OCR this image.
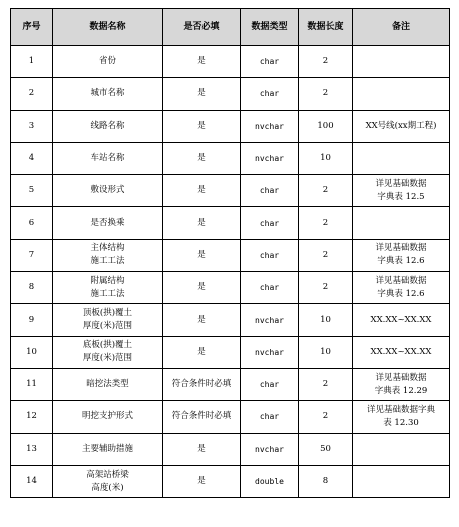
序号	数据名称	是否必填	数据类型	数据长度	备注
1	省份	是	char	2	
2	城市名称	是	char	2	
3	线路名称	是	nvchar	100	XX号线(xx期工程)
4	车站名称	是	nvchar	10	
5	敷设形式	是	char	2	详见基础数据
字典表 12.5
6	是否换乘	是	char	2	
7	主体结构
施工工法	是	char	2	详见基础数据
字典表 12.6
8	附属结构
施工工法	是	char	2	详见基础数据
字典表 12.6
9	顶板(拱)覆土
厚度(米)范围	是	nvchar	10	XX.XX~XX.XX
10	底板(拱)覆土
厚度(米)范围	是	nvchar	10	XX.XX~XX.XX
11	暗挖法类型	符合条件时必填	char	2	详见基础数据
字典表 12.29
12	明挖支护形式	符合条件时必填	char	2	详见基础数据字典
表 12.30
13	主要辅助措施	是	nvchar	50	
14	高架站桥梁
高度(米)	是	double	8	
